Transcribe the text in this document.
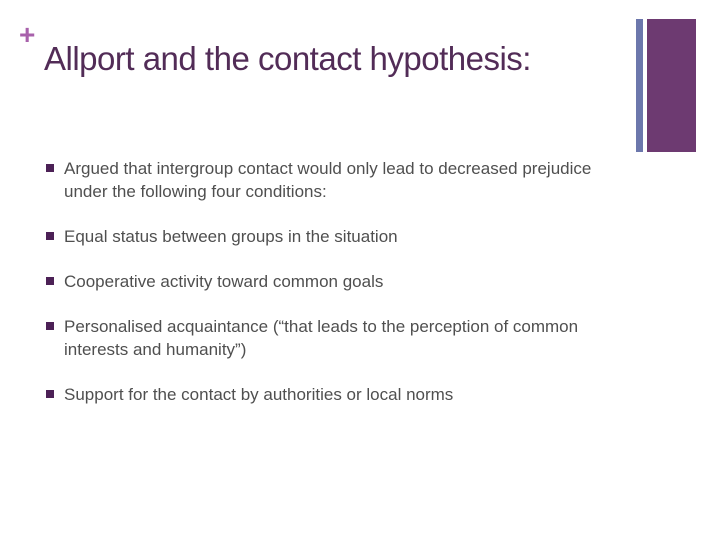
+
Allport and the contact hypothesis:
Argued that intergroup contact would only lead to decreased prejudice under the following four conditions:
Equal status between groups in the situation
Cooperative activity toward common goals
Personalised acquaintance (“that leads to the perception of common interests and humanity”)
Support for the contact by authorities or local norms
